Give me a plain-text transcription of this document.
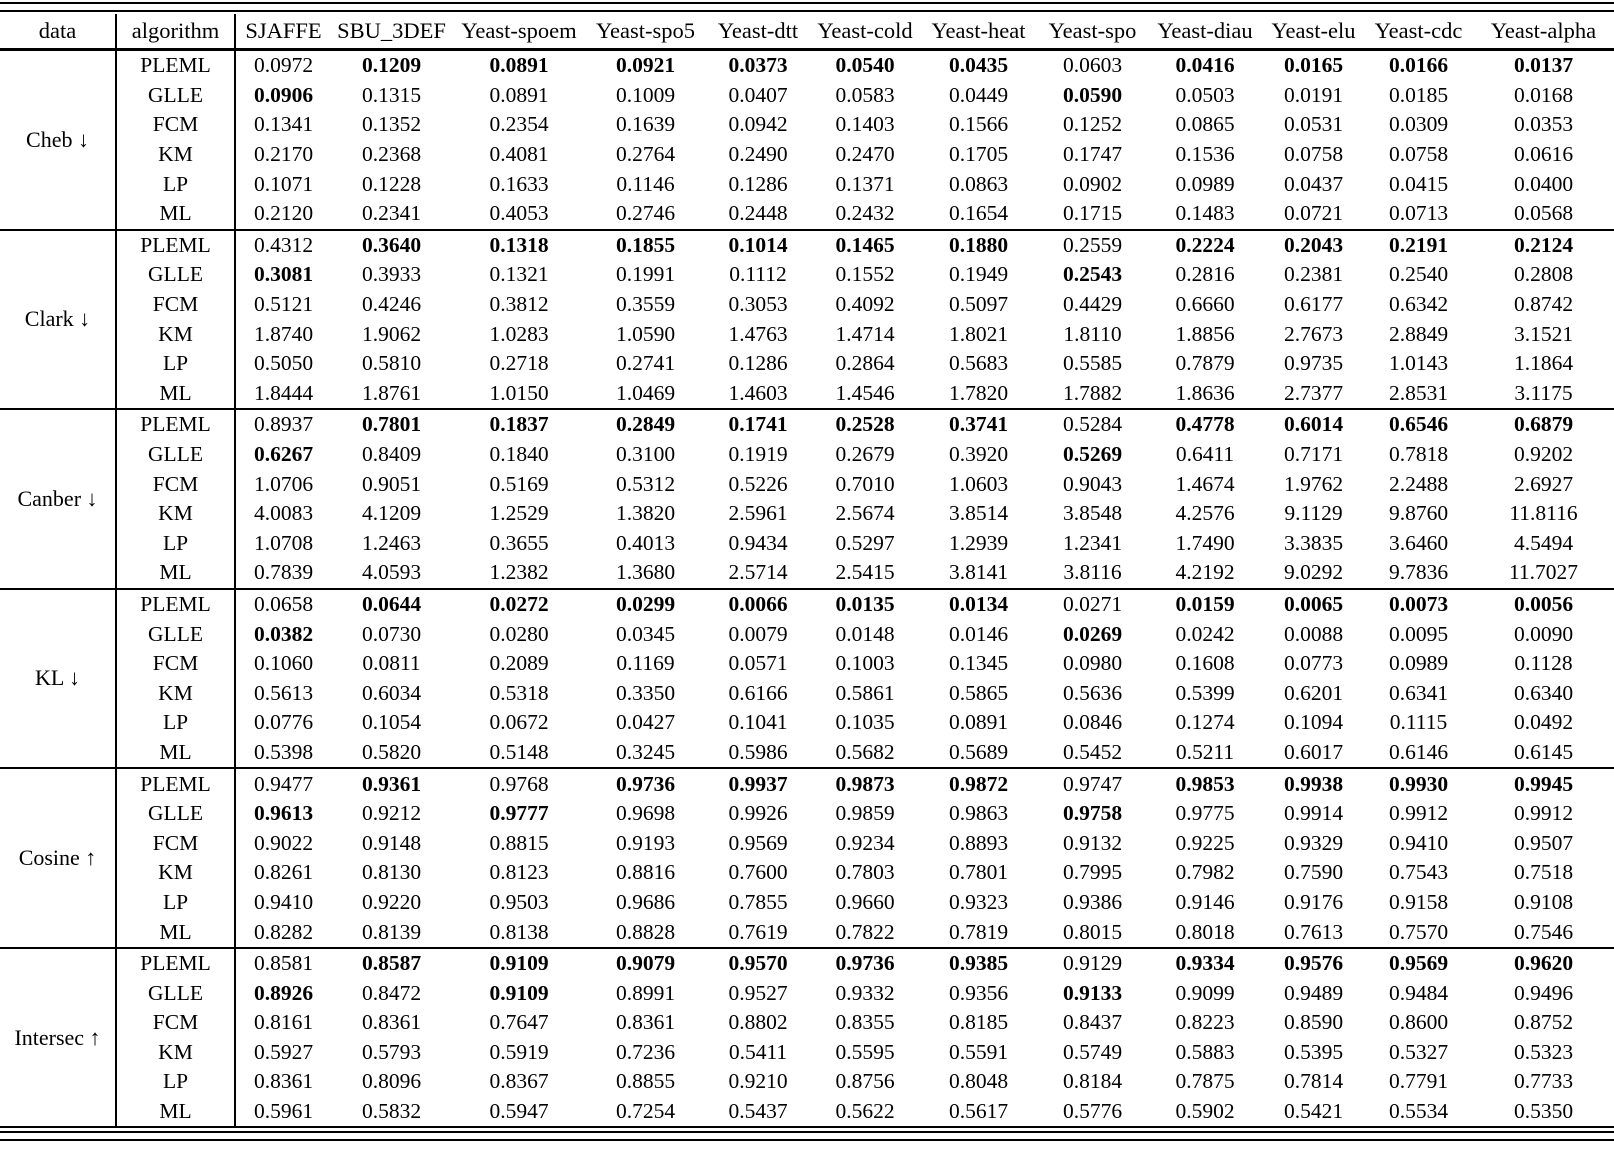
data	algorithm	SJAFFE	SBU_3DEF	Yeast-spoem	Yeast-spo5	Yeast-dtt	Yeast-cold	Yeast-heat	Yeast-spo	Yeast-diau	Yeast-elu	Yeast-cdc	Yeast-alpha
Cheb ↓	PLEML	0.0972	0.1209	0.0891	0.0921	0.0373	0.0540	0.0435	0.0603	0.0416	0.0165	0.0166	0.0137
	GLLE	0.0906	0.1315	0.0891	0.1009	0.0407	0.0583	0.0449	0.0590	0.0503	0.0191	0.0185	0.0168
	FCM	0.1341	0.1352	0.2354	0.1639	0.0942	0.1403	0.1566	0.1252	0.0865	0.0531	0.0309	0.0353
	KM	0.2170	0.2368	0.4081	0.2764	0.2490	0.2470	0.1705	0.1747	0.1536	0.0758	0.0758	0.0616
	LP	0.1071	0.1228	0.1633	0.1146	0.1286	0.1371	0.0863	0.0902	0.0989	0.0437	0.0415	0.0400
	ML	0.2120	0.2341	0.4053	0.2746	0.2448	0.2432	0.1654	0.1715	0.1483	0.0721	0.0713	0.0568
Clark ↓	PLEML	0.4312	0.3640	0.1318	0.1855	0.1014	0.1465	0.1880	0.2559	0.2224	0.2043	0.2191	0.2124
	GLLE	0.3081	0.3933	0.1321	0.1991	0.1112	0.1552	0.1949	0.2543	0.2816	0.2381	0.2540	0.2808
	FCM	0.5121	0.4246	0.3812	0.3559	0.3053	0.4092	0.5097	0.4429	0.6660	0.6177	0.6342	0.8742
	KM	1.8740	1.9062	1.0283	1.0590	1.4763	1.4714	1.8021	1.8110	1.8856	2.7673	2.8849	3.1521
	LP	0.5050	0.5810	0.2718	0.2741	0.1286	0.2864	0.5683	0.5585	0.7879	0.9735	1.0143	1.1864
	ML	1.8444	1.8761	1.0150	1.0469	1.4603	1.4546	1.7820	1.7882	1.8636	2.7377	2.8531	3.1175
Canber ↓	PLEML	0.8937	0.7801	0.1837	0.2849	0.1741	0.2528	0.3741	0.5284	0.4778	0.6014	0.6546	0.6879
	GLLE	0.6267	0.8409	0.1840	0.3100	0.1919	0.2679	0.3920	0.5269	0.6411	0.7171	0.7818	0.9202
	FCM	1.0706	0.9051	0.5169	0.5312	0.5226	0.7010	1.0603	0.9043	1.4674	1.9762	2.2488	2.6927
	KM	4.0083	4.1209	1.2529	1.3820	2.5961	2.5674	3.8514	3.8548	4.2576	9.1129	9.8760	11.8116
	LP	1.0708	1.2463	0.3655	0.4013	0.9434	0.5297	1.2939	1.2341	1.7490	3.3835	3.6460	4.5494
	ML	0.7839	4.0593	1.2382	1.3680	2.5714	2.5415	3.8141	3.8116	4.2192	9.0292	9.7836	11.7027
KL ↓	PLEML	0.0658	0.0644	0.0272	0.0299	0.0066	0.0135	0.0134	0.0271	0.0159	0.0065	0.0073	0.0056
	GLLE	0.0382	0.0730	0.0280	0.0345	0.0079	0.0148	0.0146	0.0269	0.0242	0.0088	0.0095	0.0090
	FCM	0.1060	0.0811	0.2089	0.1169	0.0571	0.1003	0.1345	0.0980	0.1608	0.0773	0.0989	0.1128
	KM	0.5613	0.6034	0.5318	0.3350	0.6166	0.5861	0.5865	0.5636	0.5399	0.6201	0.6341	0.6340
	LP	0.0776	0.1054	0.0672	0.0427	0.1041	0.1035	0.0891	0.0846	0.1274	0.1094	0.1115	0.0492
	ML	0.5398	0.5820	0.5148	0.3245	0.5986	0.5682	0.5689	0.5452	0.5211	0.6017	0.6146	0.6145
Cosine ↑	PLEML	0.9477	0.9361	0.9768	0.9736	0.9937	0.9873	0.9872	0.9747	0.9853	0.9938	0.9930	0.9945
	GLLE	0.9613	0.9212	0.9777	0.9698	0.9926	0.9859	0.9863	0.9758	0.9775	0.9914	0.9912	0.9912
	FCM	0.9022	0.9148	0.8815	0.9193	0.9569	0.9234	0.8893	0.9132	0.9225	0.9329	0.9410	0.9507
	KM	0.8261	0.8130	0.8123	0.8816	0.7600	0.7803	0.7801	0.7995	0.7982	0.7590	0.7543	0.7518
	LP	0.9410	0.9220	0.9503	0.9686	0.7855	0.9660	0.9323	0.9386	0.9146	0.9176	0.9158	0.9108
	ML	0.8282	0.8139	0.8138	0.8828	0.7619	0.7822	0.7819	0.8015	0.8018	0.7613	0.7570	0.7546
Intersec ↑	PLEML	0.8581	0.8587	0.9109	0.9079	0.9570	0.9736	0.9385	0.9129	0.9334	0.9576	0.9569	0.9620
	GLLE	0.8926	0.8472	0.9109	0.8991	0.9527	0.9332	0.9356	0.9133	0.9099	0.9489	0.9484	0.9496
	FCM	0.8161	0.8361	0.7647	0.8361	0.8802	0.8355	0.8185	0.8437	0.8223	0.8590	0.8600	0.8752
	KM	0.5927	0.5793	0.5919	0.7236	0.5411	0.5595	0.5591	0.5749	0.5883	0.5395	0.5327	0.5323
	LP	0.8361	0.8096	0.8367	0.8855	0.9210	0.8756	0.8048	0.8184	0.7875	0.7814	0.7791	0.7733
	ML	0.5961	0.5832	0.5947	0.7254	0.5437	0.5622	0.5617	0.5776	0.5902	0.5421	0.5534	0.5350
